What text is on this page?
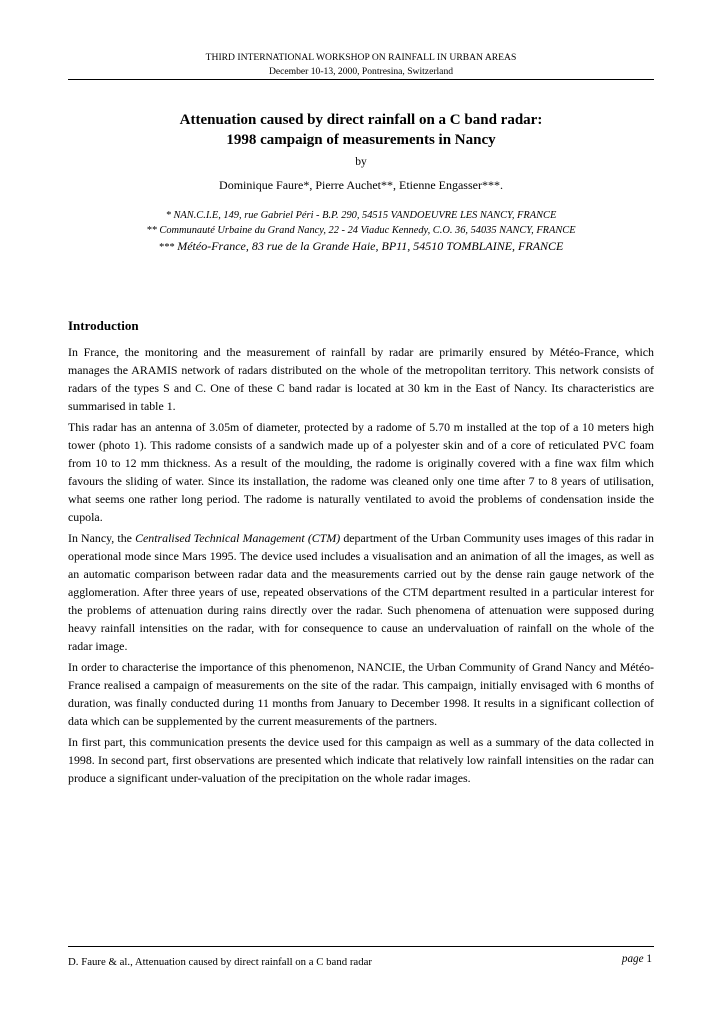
THIRD INTERNATIONAL WORKSHOP ON RAINFALL IN URBAN AREAS
December 10-13, 2000, Pontresina, Switzerland
Attenuation caused by direct rainfall on a C band radar:
1998 campaign of measurements in Nancy
by
Dominique Faure*, Pierre Auchet**, Etienne Engasser***.
* NAN.C.I.E, 149, rue Gabriel Péri - B.P. 290, 54515 VANDOEUVRE LES NANCY, FRANCE
** Communauté Urbaine du Grand Nancy, 22 - 24 Viaduc Kennedy, C.O. 36, 54035 NANCY, FRANCE
*** Météo-France, 83 rue de la Grande Haie, BP11, 54510 TOMBLAINE, FRANCE
Introduction

In France, the monitoring and the measurement of rainfall by radar are primarily ensured by Météo-France, which manages the ARAMIS network of radars distributed on the whole of the metropolitan territory. This network consists of radars of the types S and C. One of these C band radar is located at 30 km in the East of Nancy. Its characteristics are summarised in table 1.

This radar has an antenna of 3.05m of diameter, protected by a radome of 5.70 m installed at the top of a 10 meters high tower (photo 1). This radome consists of a sandwich made up of a polyester skin and of a core of reticulated PVC foam from 10 to 12 mm thickness. As a result of the moulding, the radome is originally covered with a fine wax film which favours the sliding of water. Since its installation, the radome was cleaned only one time after 7 to 8 years of utilisation, what seems one rather long period. The radome is naturally ventilated to avoid the problems of condensation inside the cupola.

In Nancy, the Centralised Technical Management (CTM) department of the Urban Community uses images of this radar in operational mode since Mars 1995. The device used includes a visualisation and an animation of all the images, as well as an automatic comparison between radar data and the measurements carried out by the dense rain gauge network of the agglomeration. After three years of use, repeated observations of the CTM department resulted in a particular interest for the problems of attenuation during rains directly over the radar. Such phenomena of attenuation were supposed during heavy rainfall intensities on the radar, with for consequence to cause an undervaluation of rainfall on the whole of the radar image.

In order to characterise the importance of this phenomenon, NANCIE, the Urban Community of Grand Nancy and Météo-France realised a campaign of measurements on the site of the radar. This campaign, initially envisaged with 6 months of duration, was finally conducted during 11 months from January to December 1998. It results in a significant collection of data which can be supplemented by the current measurements of the partners.

In first part, this communication presents the device used for this campaign as well as a summary of the data collected in 1998. In second part, first observations are presented which indicate that relatively low rainfall intensities on the radar can produce a significant under-valuation of the precipitation on the whole radar images.

D. Faure & al., Attenuation caused by direct rainfall on a C band radar	page 1
